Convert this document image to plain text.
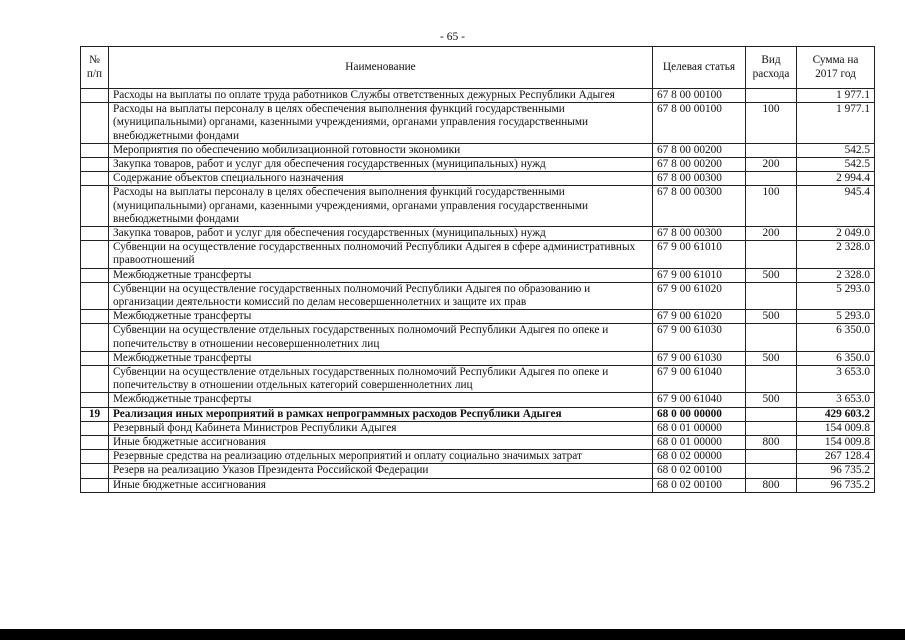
- 65 -
№ п/п	Наименование	Целевая статья	Вид расхода	Сумма на 2017 год
	Расходы на выплаты по оплате труда работников Службы ответственных дежурных Республики Адыгея	67 8 00 00100		1 977.1
	Расходы на выплаты персоналу в целях обеспечения выполнения функций государственными (муниципальными) органами, казенными учреждениями, органами управления государственными внебюджетными фондами	67 8 00 00100	100	1 977.1
	Мероприятия по обеспечению мобилизационной готовности экономики	67 8 00 00200		542.5
	Закупка товаров, работ и услуг для обеспечения государственных (муниципальных) нужд	67 8 00 00200	200	542.5
	Содержание объектов специального назначения	67 8 00 00300		2 994.4
	Расходы на выплаты персоналу в целях обеспечения выполнения функций государственными (муниципальными) органами, казенными учреждениями, органами управления государственными внебюджетными фондами	67 8 00 00300	100	945.4
	Закупка товаров, работ и услуг для обеспечения государственных (муниципальных) нужд	67 8 00 00300	200	2 049.0
	Субвенции на осуществление государственных полномочий Республики Адыгея в сфере административных правоотношений	67 9 00 61010		2 328.0
	Межбюджетные трансферты	67 9 00 61010	500	2 328.0
	Субвенции на осуществление государственных полномочий Республики Адыгея по образованию и организации деятельности комиссий по делам несовершеннолетних и защите их прав	67 9 00 61020		5 293.0
	Межбюджетные трансферты	67 9 00 61020	500	5 293.0
	Субвенции на осуществление отдельных государственных полномочий Республики Адыгея по опеке и попечительству в отношении несовершеннолетних лиц	67 9 00 61030		6 350.0
	Межбюджетные трансферты	67 9 00 61030	500	6 350.0
	Субвенции на осуществление отдельных государственных полномочий Республики Адыгея по опеке и попечительству в отношении отдельных категорий совершеннолетних лиц	67 9 00 61040		3 653.0
	Межбюджетные трансферты	67 9 00 61040	500	3 653.0
19	Реализация иных мероприятий в рамках непрограммных расходов Республики Адыгея	68 0 00 00000		429 603.2
	Резервный фонд Кабинета Министров Республики Адыгея	68 0 01 00000		154 009.8
	Иные бюджетные ассигнования	68 0 01 00000	800	154 009.8
	Резервные средства на реализацию отдельных мероприятий и оплату социально значимых затрат	68 0 02 00000		267 128.4
	Резерв на реализацию Указов Президента Российской Федерации	68 0 02 00100		96 735.2
	Иные бюджетные ассигнования	68 0 02 00100	800	96 735.2
